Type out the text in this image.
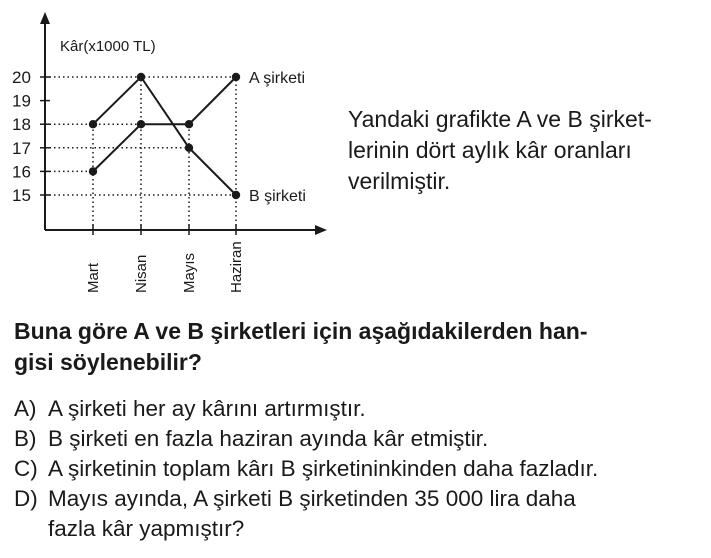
Kâr(x1000 TL)
15
16
17
18
19
20
Mart Nisan Mayıs Haziran
A şirketi
B şirketi
Yandaki grafikte A ve B şirket-
lerinin dört aylık kâr oranları
verilmiştir.
Buna göre A ve B şirketleri için aşağıdakilerden han-
gisi söylenebilir?
A) A şirketi her ay kârını artırmıştır.
B) B şirketi en fazla haziran ayında kâr etmiştir.
C) A şirketinin toplam kârı B şirketininkinden daha fazladır.
D) Mayıs ayında, A şirketi B şirketinden 35 000 lira daha
fazla kâr yapmıştır?
